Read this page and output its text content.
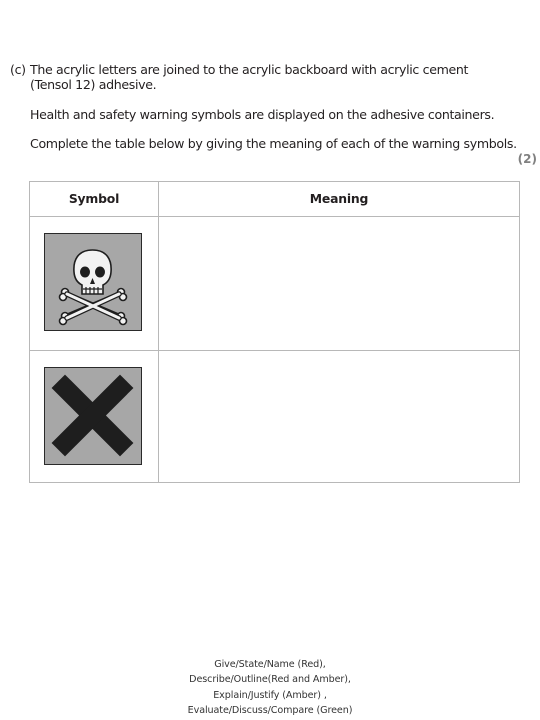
(c) The acrylic letters are joined to the acrylic backboard with acrylic cement
(Tensol 12) adhesive.
Health and safety warning symbols are displayed on the adhesive containers.
Complete the table below by giving the meaning of each of the warning symbols.
(2)
Symbol	Meaning
Give/State/Name (Red),
Describe/Outline(Red and Amber),
Explain/Justify (Amber) ,
Evaluate/Discuss/Compare (Green)
